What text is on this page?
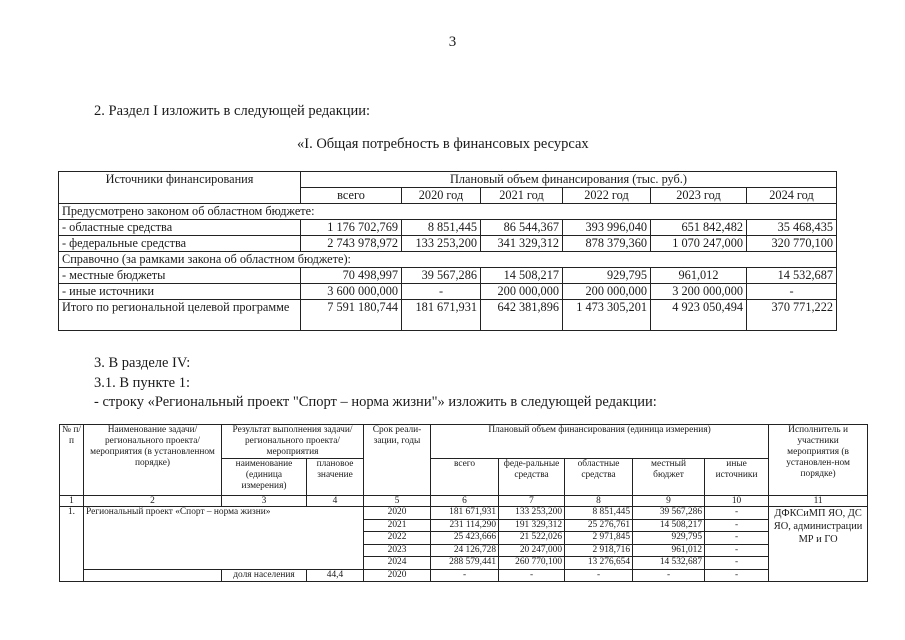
3
2. Раздел I изложить в следующей редакции:
«I. Общая потребность в финансовых ресурсах
Источники финансирования	Плановый объем финансирования (тыс. руб.)					
	всего	2020 год	2021 год	2022 год	2023 год	2024 год
Предусмотрено законом об областном бюджете:						
- областные средства	1 176 702,769	8 851,445	86 544,367	393 996,040	651 842,482	35 468,435
- федеральные средства	2 743 978,972	133 253,200	341 329,312	878 379,360	1 070 247,000	320 770,100
Справочно (за рамками закона об областном бюджете):						
- местные бюджеты	70 498,997	39 567,286	14 508,217	929,795	961,012	14 532,687
- иные источники	3 600 000,000	-	200 000,000	200 000,000	3 200 000,000	-
Итого по региональной целевой программе	7 591 180,744	181 671,931	642 381,896	1 473 305,201	4 923 050,494	370 771,222
3. В разделе IV:
3.1. В пункте 1:
- строку «Региональный проект "Спорт – норма жизни"» изложить в следующей редакции:
№ п/п	Наименование задачи/ регионального проекта/ мероприятия (в установленном порядке)	Результат выполнения задачи/ регионального проекта/ мероприятия		Срок реали-зации, годы	Плановый объем финансирования (единица измерения)					Исполнитель и участники мероприятия (в установлен-ном порядке)
		наименование (единица измерения)	плановое значение		всего	феде-ральные средства	областные средства	местный бюджет	иные источники	

1	2	3	4	5	6	7	8	9	10	11
1.	Региональный проект «Спорт – норма жизни»			2020	181 671,931	133 253,200	8 851,445	39 567,286	-	ДФКСиМП ЯО, ДС ЯО, администрации МР и ГО
				2021	231 114,290	191 329,312	25 276,761	14 508,217	-	
				2022	25 423,666	21 522,026	2 971,845	929,795	-	
				2023	24 126,728	20 247,000	2 918,716	961,012	-	
				2024	288 579,441	260 770,100	13 276,654	14 532,687	-	
		доля населения	44,4	2020	-	-	-	-	-	
